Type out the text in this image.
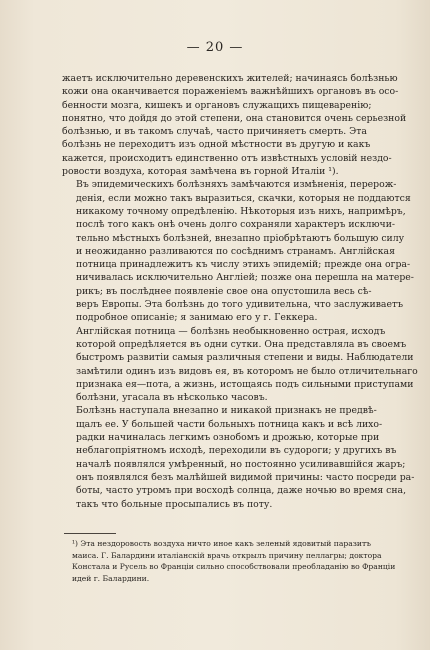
— 20 —

жаетъ исключительно деревенскихъ жителей; начинаясь болѣзнью
кожи она оканчивается пораженіемъ важнѣйшихъ органовъ въ осо-
бенности мозга, кишекъ и органовъ служащихъ пищеваренію;
понятно, что дойдя до этой степени, она становится очень серьезной
болѣзнью, и въ такомъ случаѣ, часто причиняетъ смерть. Эта
болѣзнь не переходитъ изъ одной мѣстности въ другую и какъ
кажется, происходитъ единственно отъ извѣстныхъ условій нездо-
ровости воздуха, которая замѣчена въ горной Италіи ¹).

Въ эпидемическихъ болѣзняхъ замѣчаются измѣненія, перерож-
денія, если можно такъ выразиться, скачки, которыя не поддаются
никакому точному опредѣленію. Нѣкоторыя изъ нихъ, напримѣръ,
послѣ того какъ онѣ очень долго сохраняли характеръ исключи-
тельно мѣстныхъ болѣзней, внезапно пріобрѣтаютъ большую силу
и неожиданно разливаются по сосѣднимъ странамъ. Англійская
потница принадлежитъ къ числу этихъ эпидемій; прежде она огра-
ничивалась исключительно Англіей; позже она перешла на матере-
рикъ; въ послѣднее появленіе свое она опустошила весь сѣ-
веръ Европы. Эта болѣзнь до того удивительна, что заслуживаетъ
подробное описаніе; я занимаю его у г. Геккера.

Англійская потница — болѣзнь необыкновенно острая, исходъ
которой опредѣляется въ одни сутки. Она представляла въ своемъ
быстромъ развитіи самыя различныя степени и виды. Наблюдатели
замѣтили одинъ изъ видовъ ея, въ которомъ не было отличительнаго
признака ея—пота, а жизнь, истощаясь подъ сильными приступами
болѣзни, угасала въ нѣсколько часовъ.

Болѣзнь наступала внезапно и никакой признакъ не предвѣ-
щалъ ее. У большей части больныхъ потница какъ и всѣ лихо-
радки начиналась легкимъ ознобомъ и дрожью, которые при
неблагопріятномъ исходѣ, переходили въ судороги; у другихъ въ
началѣ появлялся умѣренный, но постоянно усиливавшійся жаръ;
онъ появлялся безъ малѣйшей видимой причины: часто посреди ра-
боты, часто утромъ при восходѣ солнца, даже ночью во время сна,
такъ что больные просыпались въ поту.

¹) Эта нездоровость воздуха ничто иное какъ зеленый ядовитый паразитъ
маиса. Г. Балардини италіанскій врачь открылъ причину пеллагры; доктора
Констала и Русель во Франціи сильно способствовали преобладанію во Франціи
идей г. Балардини.
